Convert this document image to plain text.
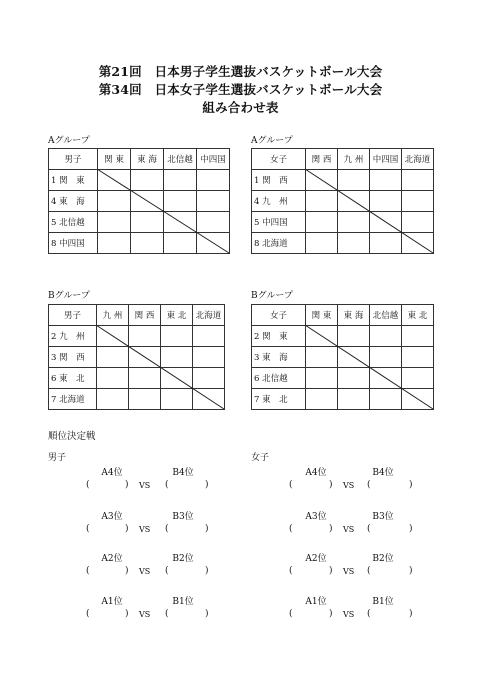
第21回　日本男子学生選抜バスケットボール大会
第34回　日本女子学生選抜バスケットボール大会
組み合わせ表
Aグループ
男子	関 東	東 海	北信越	中四国
1 関　東				
4 東　海				
5 北信越				
8 中四国				
Aグループ
女子	関 西	九 州	中四国	北海道
1 関　西				
4 九　州				
5 中四国				
8 北海道				
Bグループ
男子	九 州	関 西	東 北	北海道
2 九　州				
3 関　西				
6 東　北				
7 北海道				
Bグループ
女子	関 東	東 海	北信越	東 北
2 関　東				
3 東　海				
6 北信越				
7 東　北				
順位決定戦
男子	女子
A4位	B4位
(	) VS (	)
A3位	B3位
(	) VS (	)
A2位	B2位
(	) VS (	)
A1位	B1位
(	) VS (	)
A4位	B4位
(	) VS (	)
A3位	B3位
(	) VS (	)
A2位	B2位
(	) VS (	)
A1位	B1位
(	) VS (	)
